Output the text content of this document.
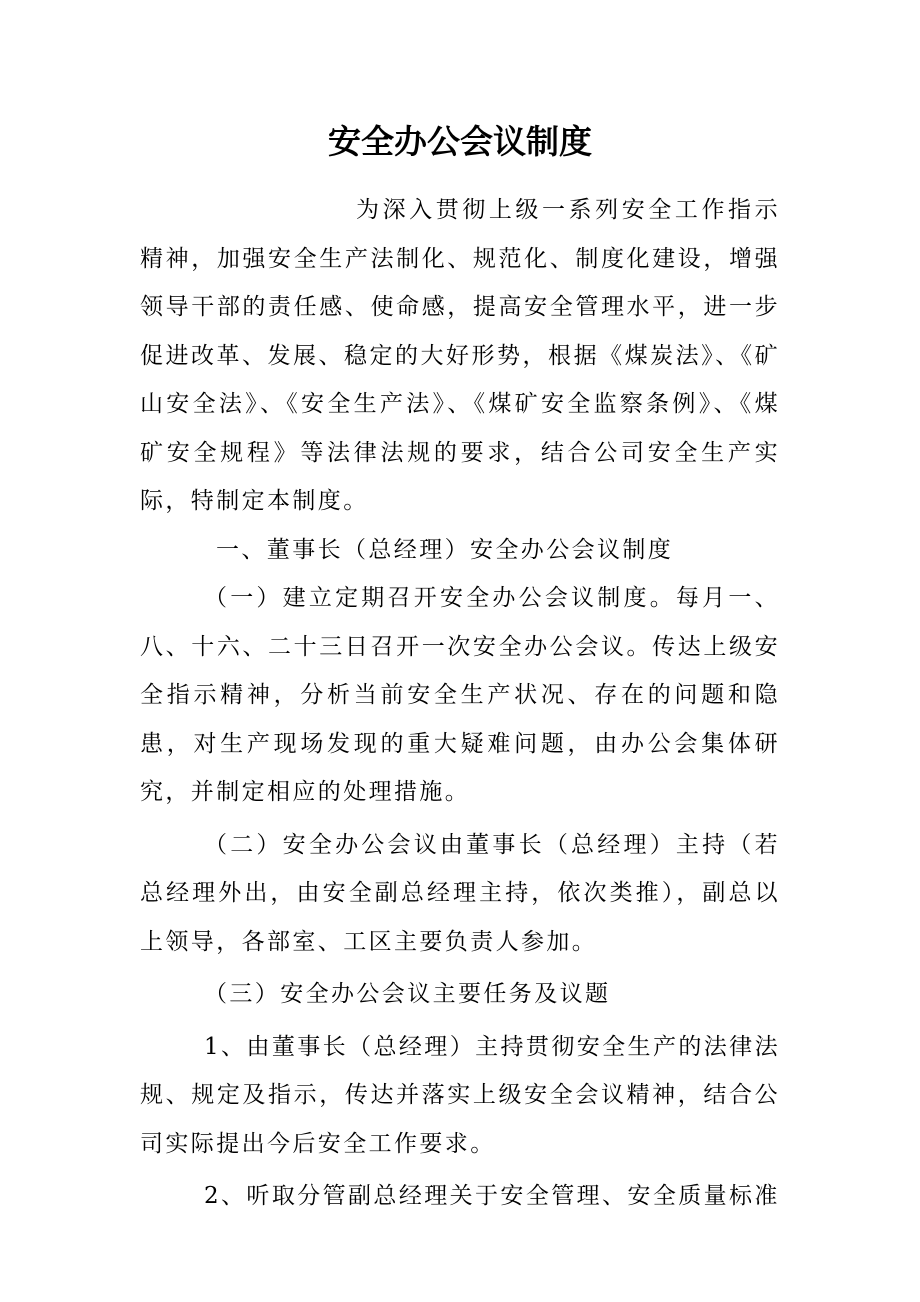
安全办公会议制度

为深入贯彻上级一系列安全工作指示精神，加强安全生产法制化、规范化、制度化建设，增强领导干部的责任感、使命感，提高安全管理水平，进一步促进改革、发展、稳定的大好形势，根据《煤炭法》、《矿山安全法》、《安全生产法》、《煤矿安全监察条例》、《煤矿安全规程》等法律法规的要求，结合公司安全生产实际，特制定本制度。

一、董事长（总经理）安全办公会议制度

（一）建立定期召开安全办公会议制度。每月一、八、十六、二十三日召开一次安全办公会议。传达上级安全指示精神，分析当前安全生产状况、存在的问题和隐患，对生产现场发现的重大疑难问题，由办公会集体研究，并制定相应的处理措施。

（二）安全办公会议由董事长（总经理）主持（若总经理外出，由安全副总经理主持，依次类推），副总以上领导，各部室、工区主要负责人参加。

（三）安全办公会议主要任务及议题

1、由董事长（总经理）主持贯彻安全生产的法律法规、规定及指示，传达并落实上级安全会议精神，结合公司实际提出今后安全工作要求。

2、听取分管副总经理关于安全管理、安全质量标准
